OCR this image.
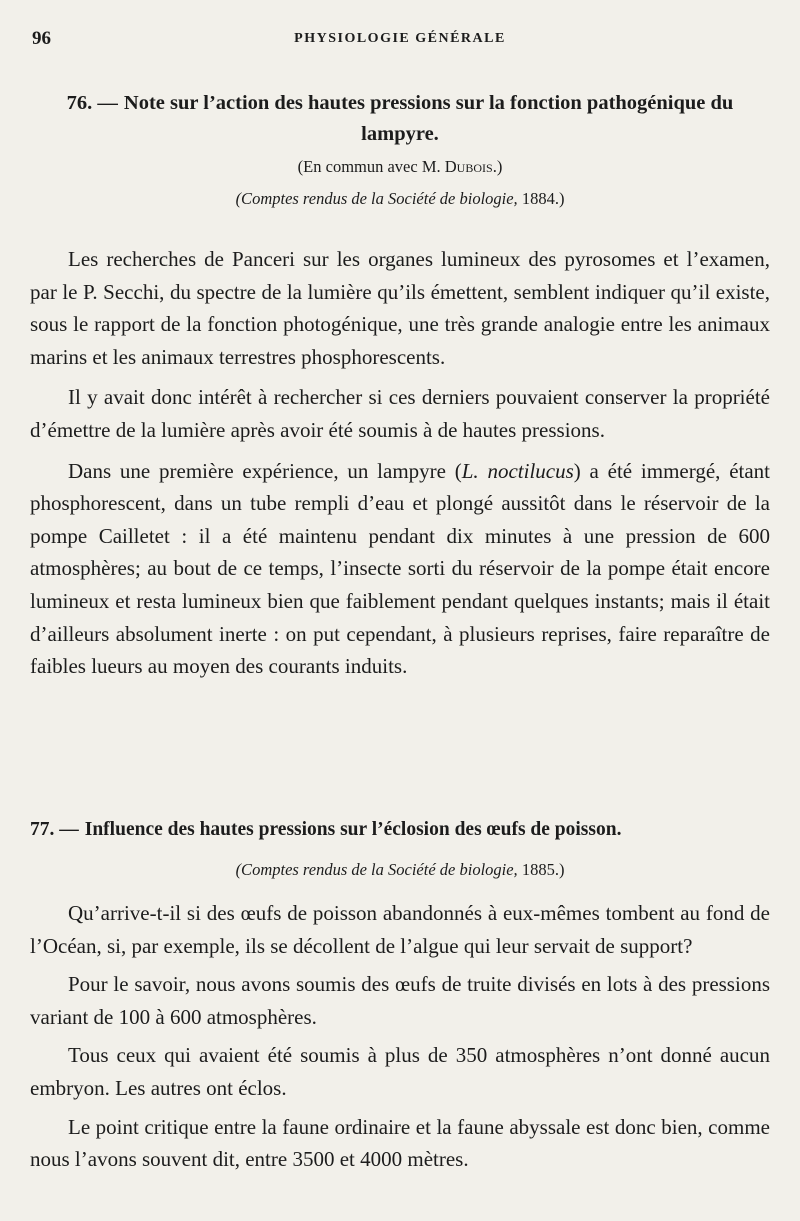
96	PHYSIOLOGIE GÉNÉRALE
76. — Note sur l’action des hautes pressions sur la fonction pathogénique du lampyre.
(En commun avec M. Dubois.)
(Comptes rendus de la Société de biologie, 1884.)

Les recherches de Panceri sur les organes lumineux des pyrosomes et l’examen, par le P. Secchi, du spectre de la lumière qu’ils émettent, semblent indiquer qu’il existe, sous le rapport de la fonction photogénique, une très grande analogie entre les animaux marins et les animaux terrestres phosphorescents.

Il y avait donc intérêt à rechercher si ces derniers pouvaient conserver la propriété d’émettre de la lumière après avoir été soumis à de hautes pressions.

Dans une première expérience, un lampyre (L. noctilucus) a été immergé, étant phosphorescent, dans un tube rempli d’eau et plongé aussitôt dans le réservoir de la pompe Cailletet : il a été maintenu pendant dix minutes à une pression de 600 atmosphères; au bout de ce temps, l’insecte sorti du réservoir de la pompe était encore lumineux et resta lumineux bien que faiblement pendant quelques instants; mais il était d’ailleurs absolument inerte : on put cependant, à plusieurs reprises, faire reparaître de faibles lueurs au moyen des courants induits.

77. — Influence des hautes pressions sur l’éclosion des œufs de poisson.
(Comptes rendus de la Société de biologie, 1885.)

Qu’arrive-t-il si des œufs de poisson abandonnés à eux-mêmes tombent au fond de l’Océan, si, par exemple, ils se décollent de l’algue qui leur servait de support?

Pour le savoir, nous avons soumis des œufs de truite divisés en lots à des pressions variant de 100 à 600 atmosphères.

Tous ceux qui avaient été soumis à plus de 350 atmosphères n’ont donné aucun embryon. Les autres ont éclos.

Le point critique entre la faune ordinaire et la faune abyssale est donc bien, comme nous l’avons souvent dit, entre 3500 et 4000 mètres.
